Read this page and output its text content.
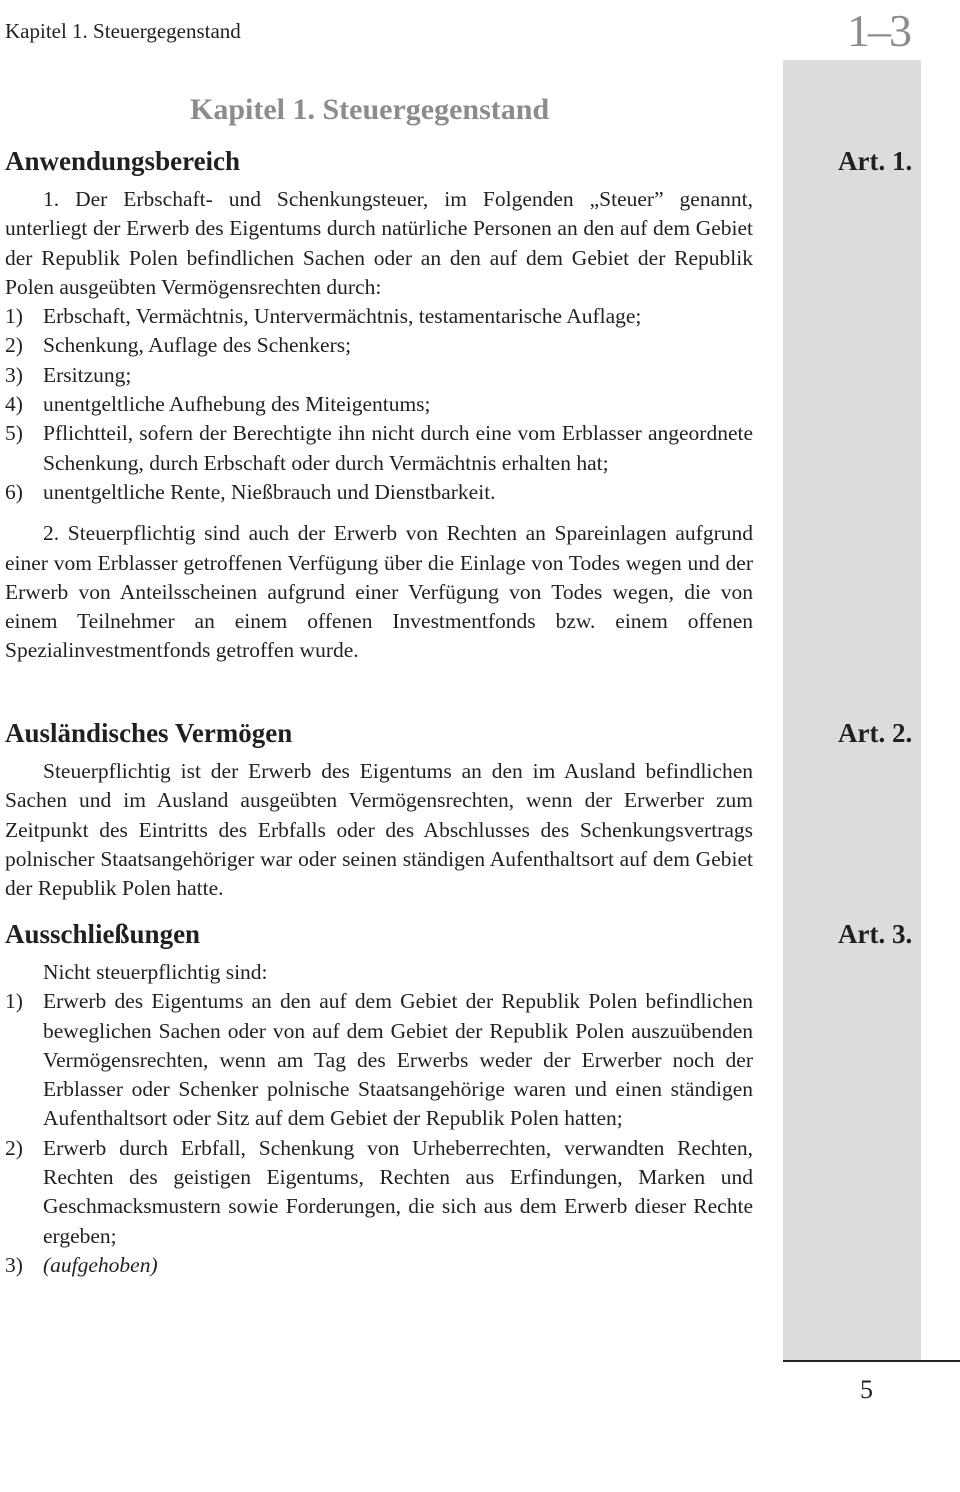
Kapitel 1. Steuergegenstand	1–3
Kapitel 1. Steuergegenstand
Anwendungsbereich	Art. 1.

1. Der Erbschaft- und Schenkungsteuer, im Folgenden „Steuer” genannt, unterliegt der Erwerb des Eigentums durch natürliche Personen an den auf dem Gebiet der Republik Polen befindlichen Sachen oder an den auf dem Gebiet der Republik Polen ausgeübten Vermögensrechten durch:

1) Erbschaft, Vermächtnis, Untervermächtnis, testamentarische Auflage;
2) Schenkung, Auflage des Schenkers;
3) Ersitzung;
4) unentgeltliche Aufhebung des Miteigentums;
5) Pflichtteil, sofern der Berechtigte ihn nicht durch eine vom Erblasser angeordnete Schenkung, durch Erbschaft oder durch Vermächtnis erhalten hat;
6) unentgeltliche Rente, Nießbrauch und Dienstbarkeit.

2. Steuerpflichtig sind auch der Erwerb von Rechten an Spareinlagen aufgrund einer vom Erblasser getroffenen Verfügung über die Einlage von Todes wegen und der Erwerb von Anteilsscheinen aufgrund einer Verfügung von Todes wegen, die von einem Teilnehmer an einem offenen Investmentfonds bzw. einem offenen Spezialinvestmentfonds getroffen wurde.

Ausländisches Vermögen	Art. 2.

Steuerpflichtig ist der Erwerb des Eigentums an den im Ausland befindlichen Sachen und im Ausland ausgeübten Vermögensrechten, wenn der Erwerber zum Zeitpunkt des Eintritts des Erbfalls oder des Abschlusses des Schenkungsvertrags polnischer Staatsangehöriger war oder seinen ständigen Aufenthaltsort auf dem Gebiet der Republik Polen hatte.

Ausschließungen	Art. 3.

Nicht steuerpflichtig sind:

1) Erwerb des Eigentums an den auf dem Gebiet der Republik Polen befindlichen beweglichen Sachen oder von auf dem Gebiet der Republik Polen auszuübenden Vermögensrechten, wenn am Tag des Erwerbs weder der Erwerber noch der Erblasser oder Schenker polnische Staatsangehörige waren und einen ständigen Aufenthaltsort oder Sitz auf dem Gebiet der Republik Polen hatten;
2) Erwerb durch Erbfall, Schenkung von Urheberrechten, verwandten Rechten, Rechten des geistigen Eigentums, Rechten aus Erfindungen, Marken und Geschmacksmustern sowie Forderungen, die sich aus dem Erwerb dieser Rechte ergeben;
3) (aufgehoben)
5
